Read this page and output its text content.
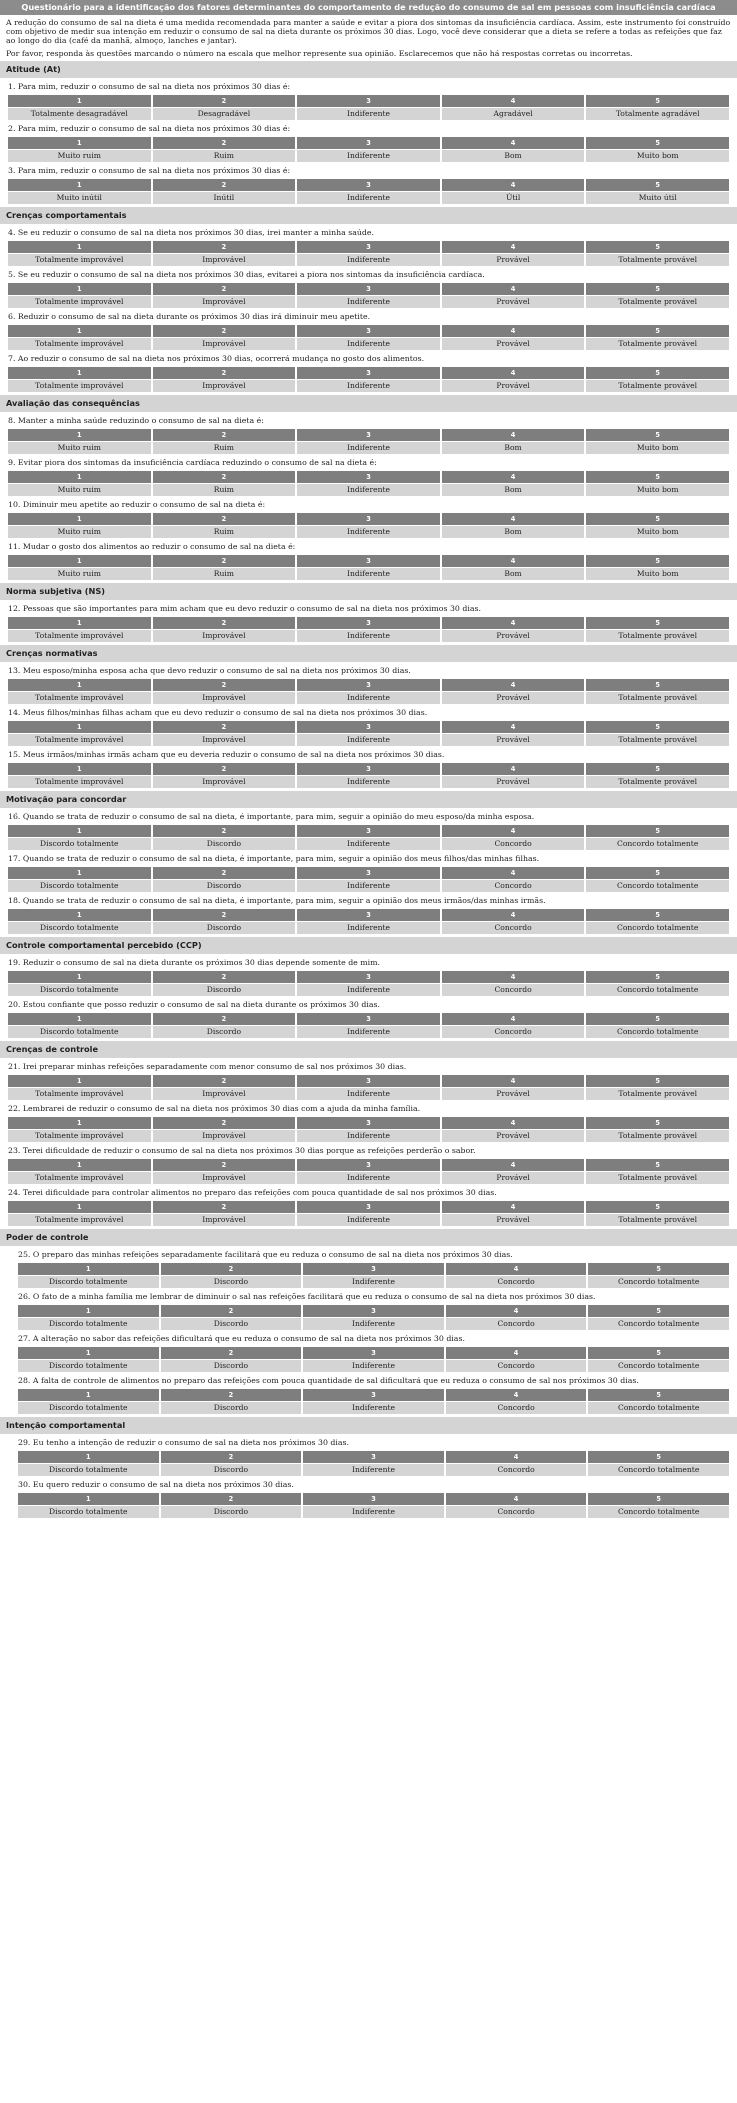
Questionário para a identificação dos fatores determinantes do comportamento de redução do consumo de sal em pessoas com insuficiência cardíaca

A redução do consumo de sal na dieta é uma medida recomendada para manter a saúde e evitar a piora dos sintomas da insuficiência cardíaca. Assim, este instrumento foi construído com objetivo de medir sua intenção em reduzir o consumo de sal na dieta durante os próximos 30 dias. Logo, você deve considerar que a dieta se refere a todas as refeições que faz ao longo do dia (café da manhã, almoço, lanches e jantar).

Por favor, responda às questões marcando o número na escala que melhor represente sua opinião. Esclarecemos que não há respostas corretas ou incorretas.

Atitude (At)
1. Para mim, reduzir o consumo de sal na dieta nos próximos 30 dias é:
1	2	3	4	5
Totalmente desagradável	Desagradável	Indiferente	Agradável	Totalmente agradável
2. Para mim, reduzir o consumo de sal na dieta nos próximos 30 dias é:
1	2	3	4	5
Muito ruim	Ruim	Indiferente	Bom	Muito bom
3. Para mim, reduzir o consumo de sal na dieta nos próximos 30 dias é:
1	2	3	4	5
Muito inútil	Inútil	Indiferente	Útil	Muito útil
Crenças comportamentais
4. Se eu reduzir o consumo de sal na dieta nos próximos 30 dias, irei manter a minha saúde.
1	2	3	4	5
Totalmente improvável	Improvável	Indiferente	Provável	Totalmente provável
5. Se eu reduzir o consumo de sal na dieta nos próximos 30 dias, evitarei a piora nos sintomas da insuficiência cardíaca.
1	2	3	4	5
Totalmente improvável	Improvável	Indiferente	Provável	Totalmente provável
6. Reduzir o consumo de sal na dieta durante os próximos 30 dias irá diminuir meu apetite.
1	2	3	4	5
Totalmente improvável	Improvável	Indiferente	Provável	Totalmente provável
7. Ao reduzir o consumo de sal na dieta nos próximos 30 dias, ocorrerá mudança no gosto dos alimentos.
1	2	3	4	5
Totalmente improvável	Improvável	Indiferente	Provável	Totalmente provável
Avaliação das consequências
8. Manter a minha saúde reduzindo o consumo de sal na dieta é:
1	2	3	4	5
Muito ruim	Ruim	Indiferente	Bom	Muito bom
9. Evitar piora dos sintomas da insuficiência cardíaca reduzindo o consumo de sal na dieta é:
1	2	3	4	5
Muito ruim	Ruim	Indiferente	Bom	Muito bom
10. Diminuir meu apetite ao reduzir o consumo de sal na dieta é:
1	2	3	4	5
Muito ruim	Ruim	Indiferente	Bom	Muito bom
11. Mudar o gosto dos alimentos ao reduzir o consumo de sal na dieta é:
1	2	3	4	5
Muito ruim	Ruim	Indiferente	Bom	Muito bom
Norma subjetiva (NS)
12. Pessoas que são importantes para mim acham que eu devo reduzir o consumo de sal na dieta nos próximos 30 dias.
1	2	3	4	5
Totalmente improvável	Improvável	Indiferente	Provável	Totalmente provável
Crenças normativas
13. Meu esposo/minha esposa acha que devo reduzir o consumo de sal na dieta nos próximos 30 dias.
1	2	3	4	5
Totalmente improvável	Improvável	Indiferente	Provável	Totalmente provável
14. Meus filhos/minhas filhas acham que eu devo reduzir o consumo de sal na dieta nos próximos 30 dias.
1	2	3	4	5
Totalmente improvável	Improvável	Indiferente	Provável	Totalmente provável
15. Meus irmãos/minhas irmãs acham que eu deveria reduzir o consumo de sal na dieta nos próximos 30 dias.
1	2	3	4	5
Totalmente improvável	Improvável	Indiferente	Provável	Totalmente provável
Motivação para concordar
16. Quando se trata de reduzir o consumo de sal na dieta, é importante, para mim, seguir a opinião do meu esposo/da minha esposa.
1	2	3	4	5
Discordo totalmente	Discordo	Indiferente	Concordo	Concordo totalmente
17. Quando se trata de reduzir o consumo de sal na dieta, é importante, para mim, seguir a opinião dos meus filhos/das minhas filhas.
1	2	3	4	5
Discordo totalmente	Discordo	Indiferente	Concordo	Concordo totalmente
18. Quando se trata de reduzir o consumo de sal na dieta, é importante, para mim, seguir a opinião dos meus irmãos/das minhas irmãs.
1	2	3	4	5
Discordo totalmente	Discordo	Indiferente	Concordo	Concordo totalmente
Controle comportamental percebido (CCP)
19. Reduzir o consumo de sal na dieta durante os próximos 30 dias depende somente de mim.
1	2	3	4	5
Discordo totalmente	Discordo	Indiferente	Concordo	Concordo totalmente
20. Estou confiante que posso reduzir o consumo de sal na dieta durante os próximos 30 dias.
1	2	3	4	5
Discordo totalmente	Discordo	Indiferente	Concordo	Concordo totalmente
Crenças de controle
21. Irei preparar minhas refeições separadamente com menor consumo de sal nos próximos 30 dias.
1	2	3	4	5
Totalmente improvável	Improvável	Indiferente	Provável	Totalmente provável
22. Lembrarei de reduzir o consumo de sal na dieta nos próximos 30 dias com a ajuda da minha família.
1	2	3	4	5
Totalmente improvável	Improvável	Indiferente	Provável	Totalmente provável
23. Terei dificuldade de reduzir o consumo de sal na dieta nos próximos 30 dias porque as refeições perderão o sabor.
1	2	3	4	5
Totalmente improvável	Improvável	Indiferente	Provável	Totalmente provável
24. Terei dificuldade para controlar alimentos no preparo das refeições com pouca quantidade de sal nos próximos 30 dias.
1	2	3	4	5
Totalmente improvável	Improvável	Indiferente	Provável	Totalmente provável
Poder de controle
25. O preparo das minhas refeições separadamente facilitará que eu reduza o consumo de sal na dieta nos próximos 30 dias.
1	2	3	4	5
Discordo totalmente	Discordo	Indiferente	Concordo	Concordo totalmente
26. O fato de a minha família me lembrar de diminuir o sal nas refeições facilitará que eu reduza o consumo de sal na dieta nos próximos 30 dias.
1	2	3	4	5
Discordo totalmente	Discordo	Indiferente	Concordo	Concordo totalmente
27. A alteração no sabor das refeições dificultará que eu reduza o consumo de sal na dieta nos próximos 30 dias.
1	2	3	4	5
Discordo totalmente	Discordo	Indiferente	Concordo	Concordo totalmente
28. A falta de controle de alimentos no preparo das refeições com pouca quantidade de sal dificultará que eu reduza o consumo de sal nos próximos 30 dias.
1	2	3	4	5
Discordo totalmente	Discordo	Indiferente	Concordo	Concordo totalmente
Intenção comportamental
29. Eu tenho a intenção de reduzir o consumo de sal na dieta nos próximos 30 dias.
1	2	3	4	5
Discordo totalmente	Discordo	Indiferente	Concordo	Concordo totalmente
30. Eu quero reduzir o consumo de sal na dieta nos próximos 30 dias.
1	2	3	4	5
Discordo totalmente	Discordo	Indiferente	Concordo	Concordo totalmente
